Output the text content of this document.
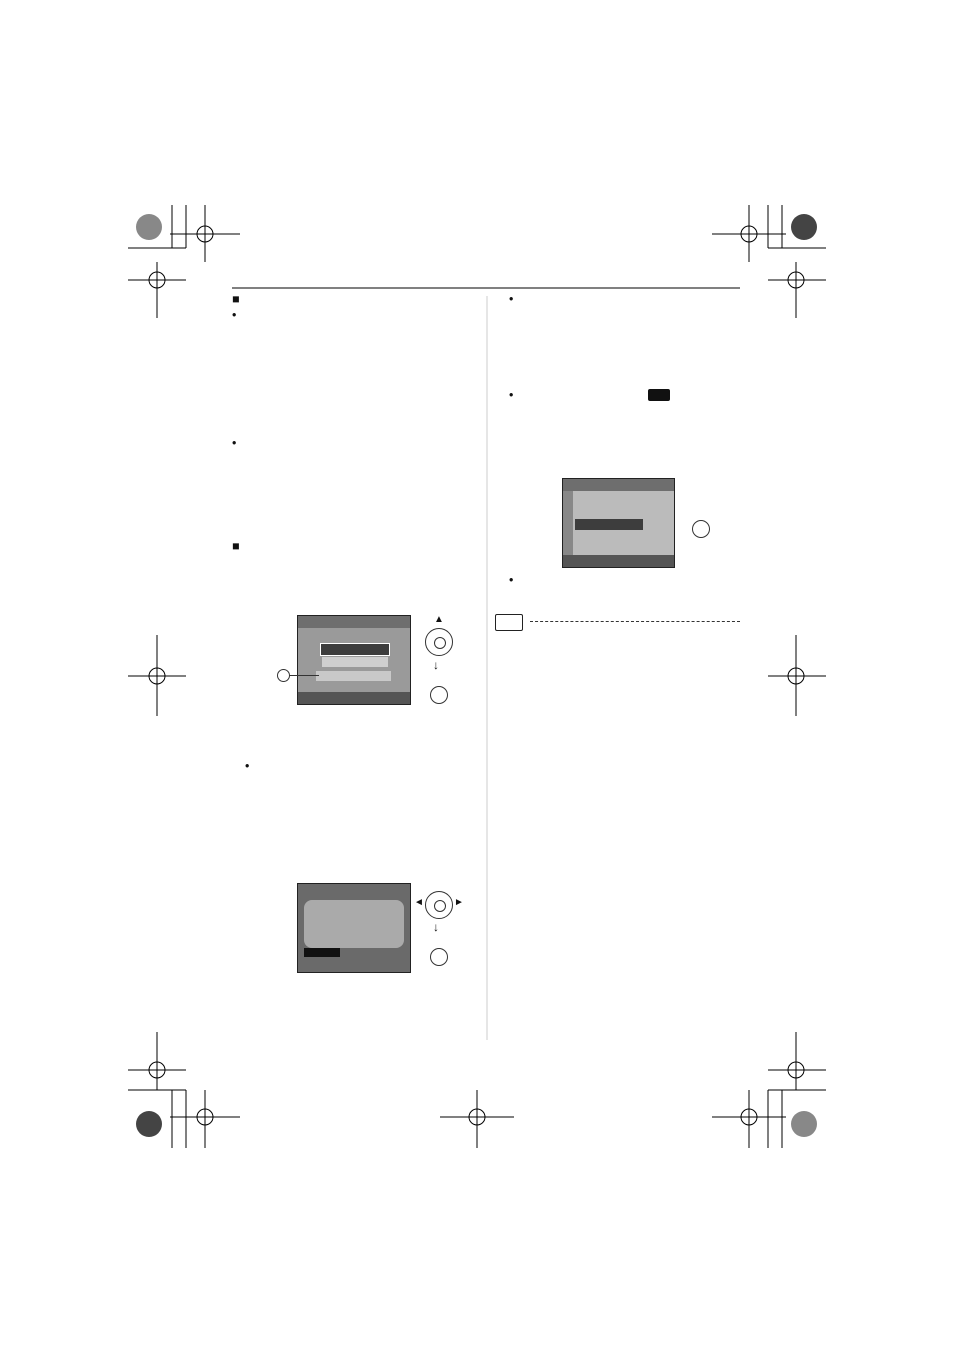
■
•
•
■
▲
↓
•
◄	►
↓
•
•
•
